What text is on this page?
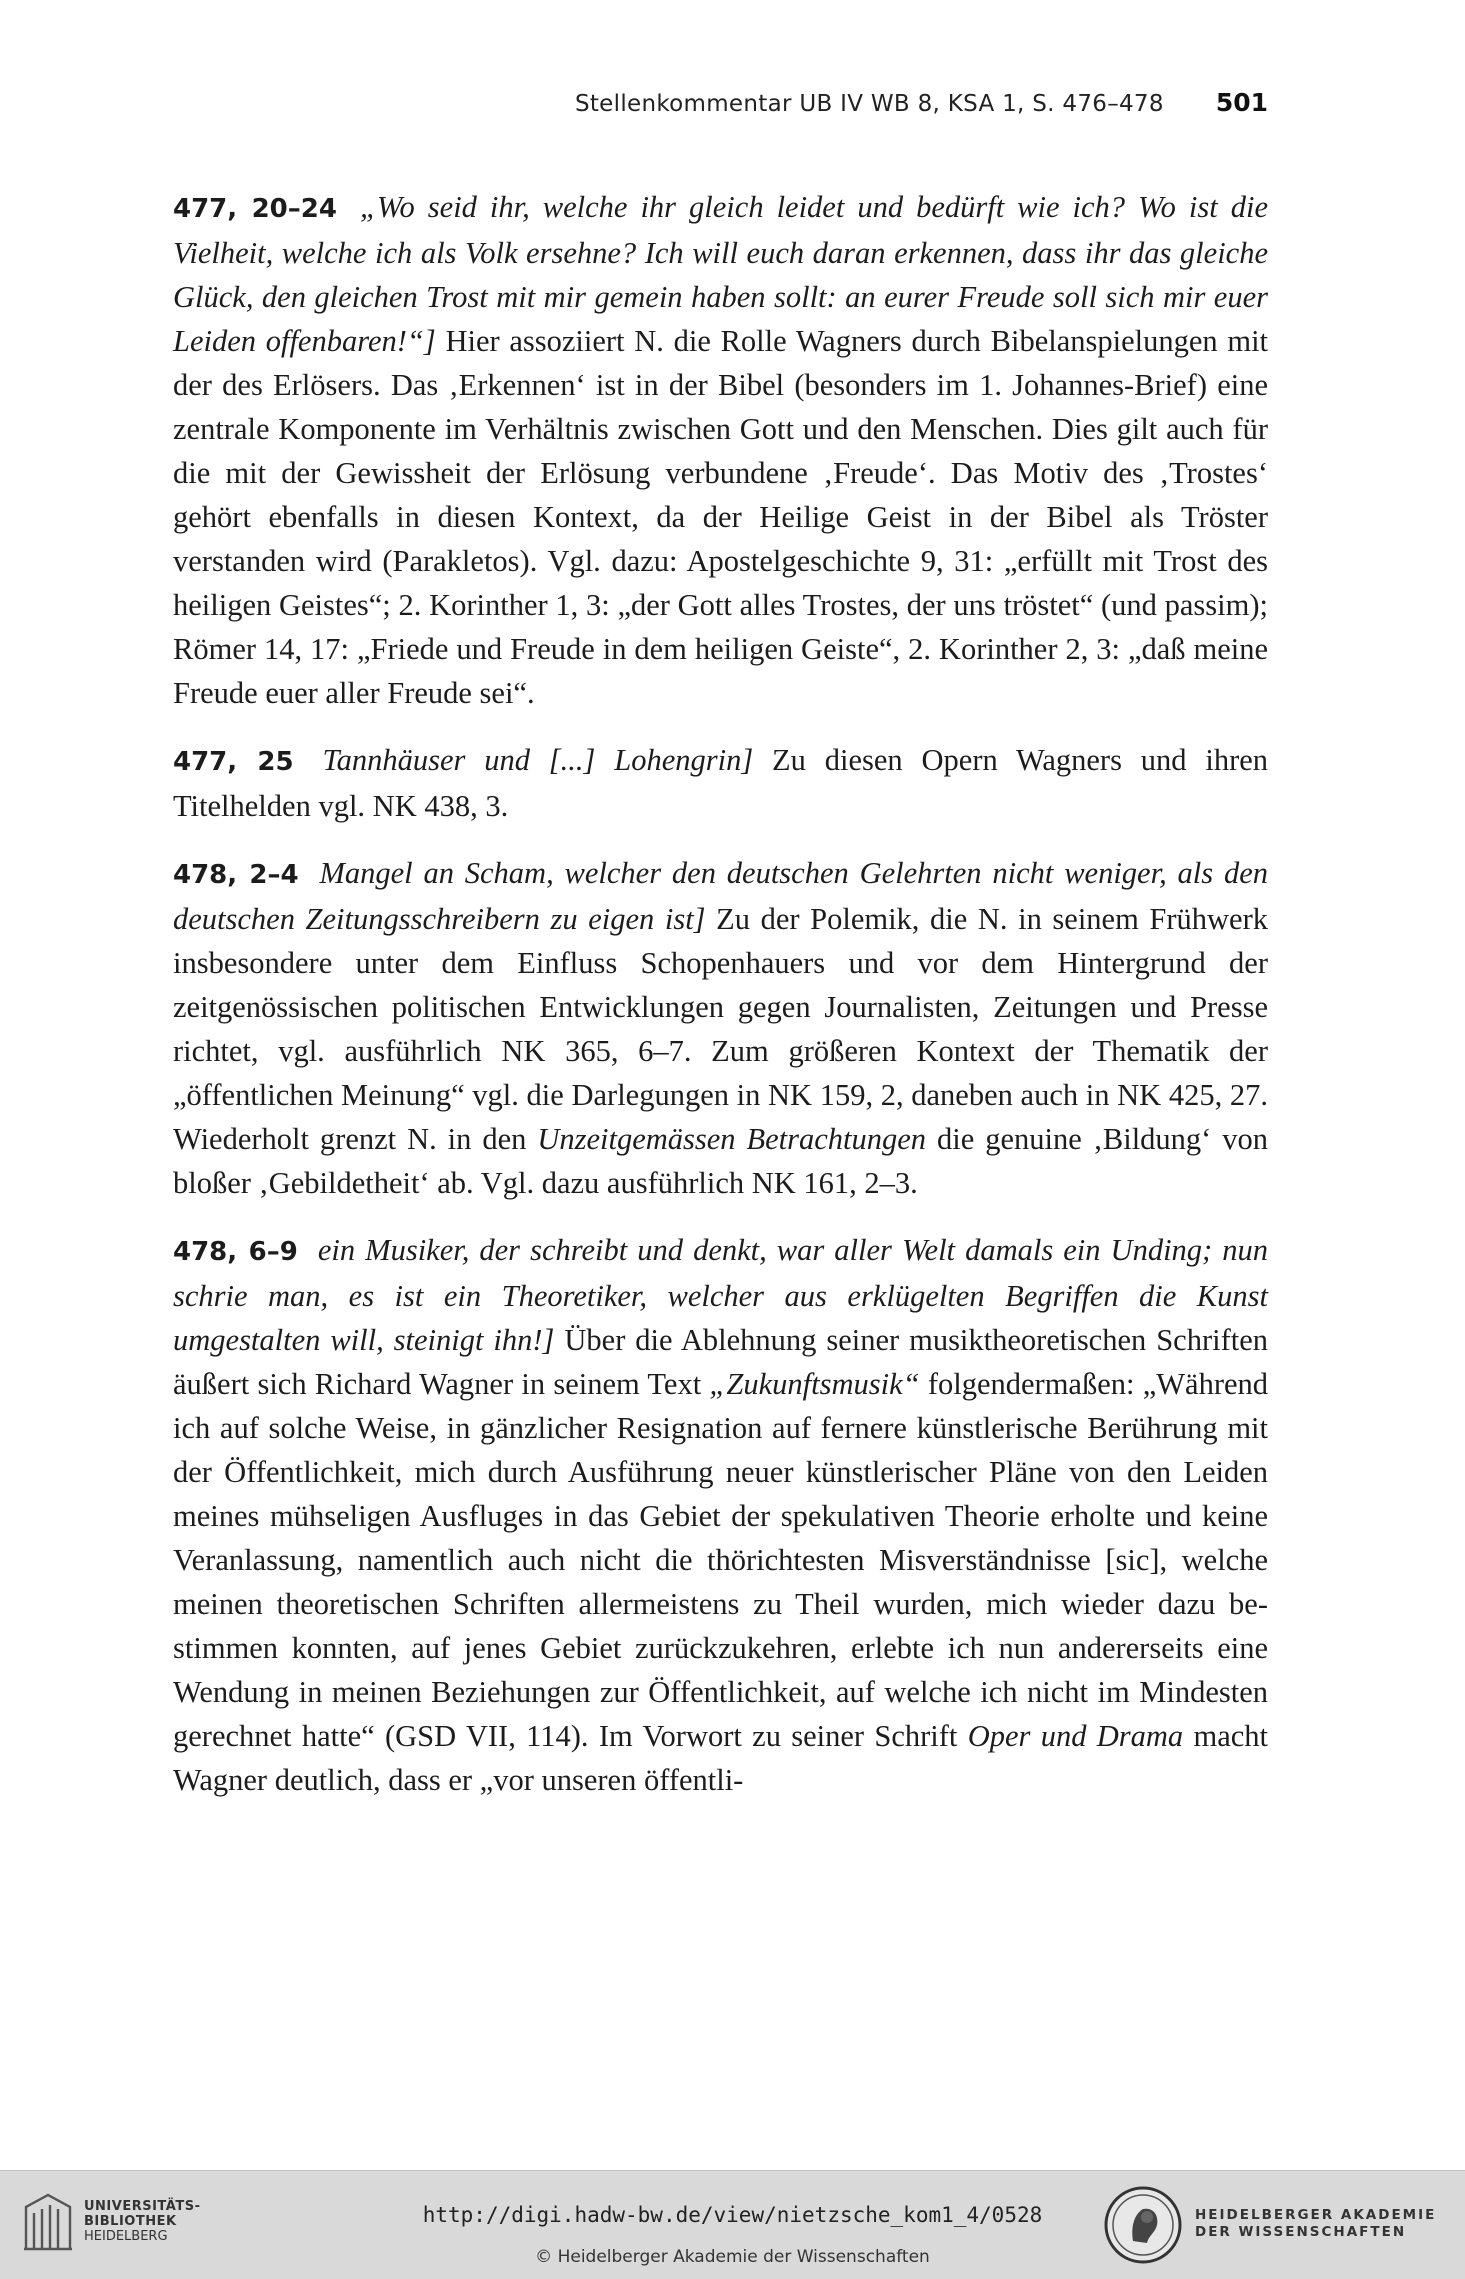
Stellenkommentar UB IV WB 8, KSA 1, S. 476–478 501

477, 20–24 „Wo seid ihr, welche ihr gleich leidet und bedürft wie ich? Wo ist die Vielheit, welche ich als Volk ersehne? Ich will euch daran erkennen, dass ihr das gleiche Glück, den gleichen Trost mit mir gemein haben sollt: an eurer Freude soll sich mir euer Leiden offenbaren!“] Hier assoziiert N. die Rolle Wagners durch Bibelanspielungen mit der des Erlösers. Das ‚Erkennen‘ ist in der Bibel (besonders im 1. Johannes-Brief) eine zentrale Komponente im Verhältnis zwischen Gott und den Menschen. Dies gilt auch für die mit der Gewissheit der Erlösung verbundene ‚Freude‘. Das Motiv des ‚Trostes‘ gehört ebenfalls in diesen Kontext, da der Heilige Geist in der Bibel als Tröster verstanden wird (Parakletos). Vgl. dazu: Apostelgeschichte 9, 31: „erfüllt mit Trost des heiligen Geistes“; 2. Korinther 1, 3: „der Gott alles Trostes, der uns tröstet“ (und passim); Römer 14, 17: „Friede und Freude in dem heiligen Geiste“, 2. Korinther 2, 3: „daß meine Freude euer aller Freude sei“.

477, 25 Tannhäuser und [...] Lohengrin] Zu diesen Opern Wagners und ihren Titelhelden vgl. NK 438, 3.

478, 2–4 Mangel an Scham, welcher den deutschen Gelehrten nicht weniger, als den deutschen Zeitungsschreibern zu eigen ist] Zu der Polemik, die N. in seinem Frühwerk insbesondere unter dem Einfluss Schopenhauers und vor dem Hintergrund der zeitgenössischen politischen Entwicklungen gegen Journalisten, Zeitungen und Presse richtet, vgl. ausführlich NK 365, 6–7. Zum größeren Kontext der Thematik der „öffentlichen Meinung“ vgl. die Darlegungen in NK 159, 2, daneben auch in NK 425, 27. Wiederholt grenzt N. in den Unzeitgemässen Betrachtungen die genuine ‚Bildung‘ von bloßer ‚Gebildetheit‘ ab. Vgl. dazu ausführlich NK 161, 2–3.

478, 6–9 ein Musiker, der schreibt und denkt, war aller Welt damals ein Unding; nun schrie man, es ist ein Theoretiker, welcher aus erklügelten Begriffen die Kunst umgestalten will, steinigt ihn!] Über die Ablehnung seiner musiktheoretischen Schriften äußert sich Richard Wagner in seinem Text „Zukunftsmusik“ folgendermaßen: „Während ich auf solche Weise, in gänzlicher Resignation auf fernere künstlerische Berührung mit der Öffentlichkeit, mich durch Ausführung neuer künstlerischer Pläne von den Leiden meines mühseligen Ausfluges in das Gebiet der spekulativen Theorie erholte und keine Veranlassung, namentlich auch nicht die thörichtesten Misverständnisse [sic], welche meinen theoretischen Schriften allermeistens zu Theil wurden, mich wieder dazu bestimmen konnten, auf jenes Gebiet zurückzukehren, erlebte ich nun andererseits eine Wendung in meinen Beziehungen zur Öffentlichkeit, auf welche ich nicht im Mindesten gerechnet hatte“ (GSD VII, 114). Im Vorwort zu seiner Schrift Oper und Drama macht Wagner deutlich, dass er „vor unseren öffentli-

UNIVERSITÄTS-
BIBLIOTHEK
HEIDELBERG
http://digi.hadw-bw.de/view/nietzsche_kom1_4/0528
© Heidelberger Akademie der Wissenschaften
HEIDELBERGER AKADEMIE
DER WISSENSCHAFTEN
